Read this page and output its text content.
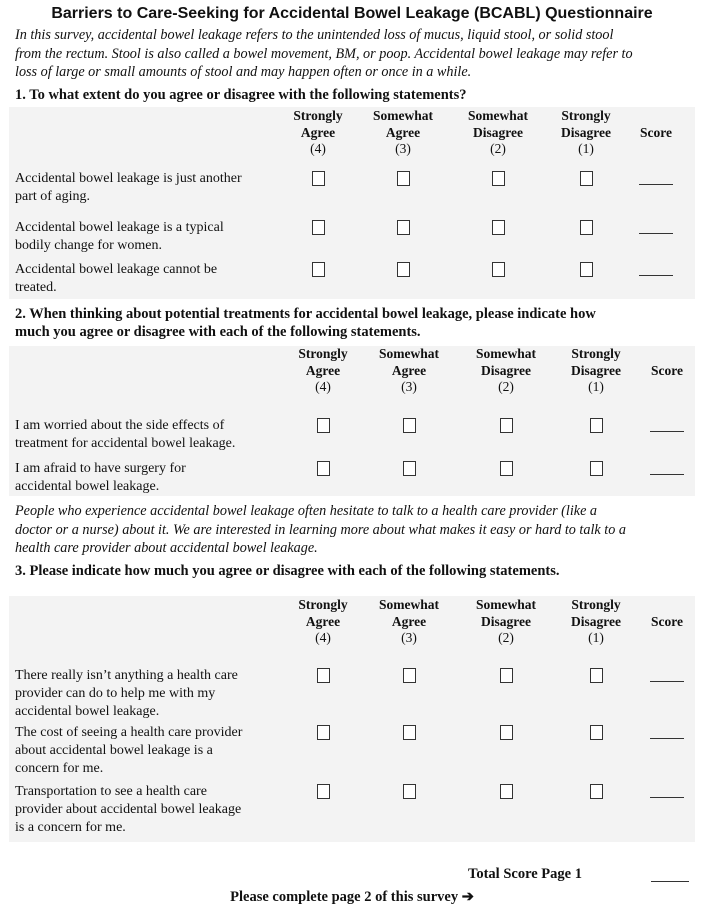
Barriers to Care-Seeking for Accidental Bowel Leakage (BCABL) Questionnaire
In this survey, accidental bowel leakage refers to the unintended loss of mucus, liquid stool, or solid stool
from the rectum. Stool is also called a bowel movement, BM, or poop. Accidental bowel leakage may refer to
loss of large or small amounts of stool and may happen often or once in a while.
1. To what extent do you agree or disagree with the following statements?
2. When thinking about potential treatments for accidental bowel leakage, please indicate how
much you agree or disagree with each of the following statements.
People who experience accidental bowel leakage often hesitate to talk to a health care provider (like a
doctor or a nurse) about it. We are interested in learning more about what makes it easy or hard to talk to a
health care provider about accidental bowel leakage.
3. Please indicate how much you agree or disagree with each of the following statements.
Strongly
Agree
(4)
Somewhat
Agree
(3)
Somewhat
Disagree
(2)
Strongly
Disagree
(1)
Score
Accidental bowel leakage is just another
part of aging.
Accidental bowel leakage is a typical
bodily change for women.
Accidental bowel leakage cannot be
treated.
Strongly
Agree
(4)
Somewhat
Agree
(3)
Somewhat
Disagree
(2)
Strongly
Disagree
(1)
Score
I am worried about the side effects of
treatment for accidental bowel leakage.
I am afraid to have surgery for
accidental bowel leakage.
Strongly
Agree
(4)
Somewhat
Agree
(3)
Somewhat
Disagree
(2)
Strongly
Disagree
(1)
Score
There really isn’t anything a health care
provider can do to help me with my
accidental bowel leakage.
The cost of seeing a health care provider
about accidental bowel leakage is a
concern for me.
Transportation to see a health care
provider about accidental bowel leakage
is a concern for me.
Total Score Page 1
Please complete page 2 of this survey ➔
